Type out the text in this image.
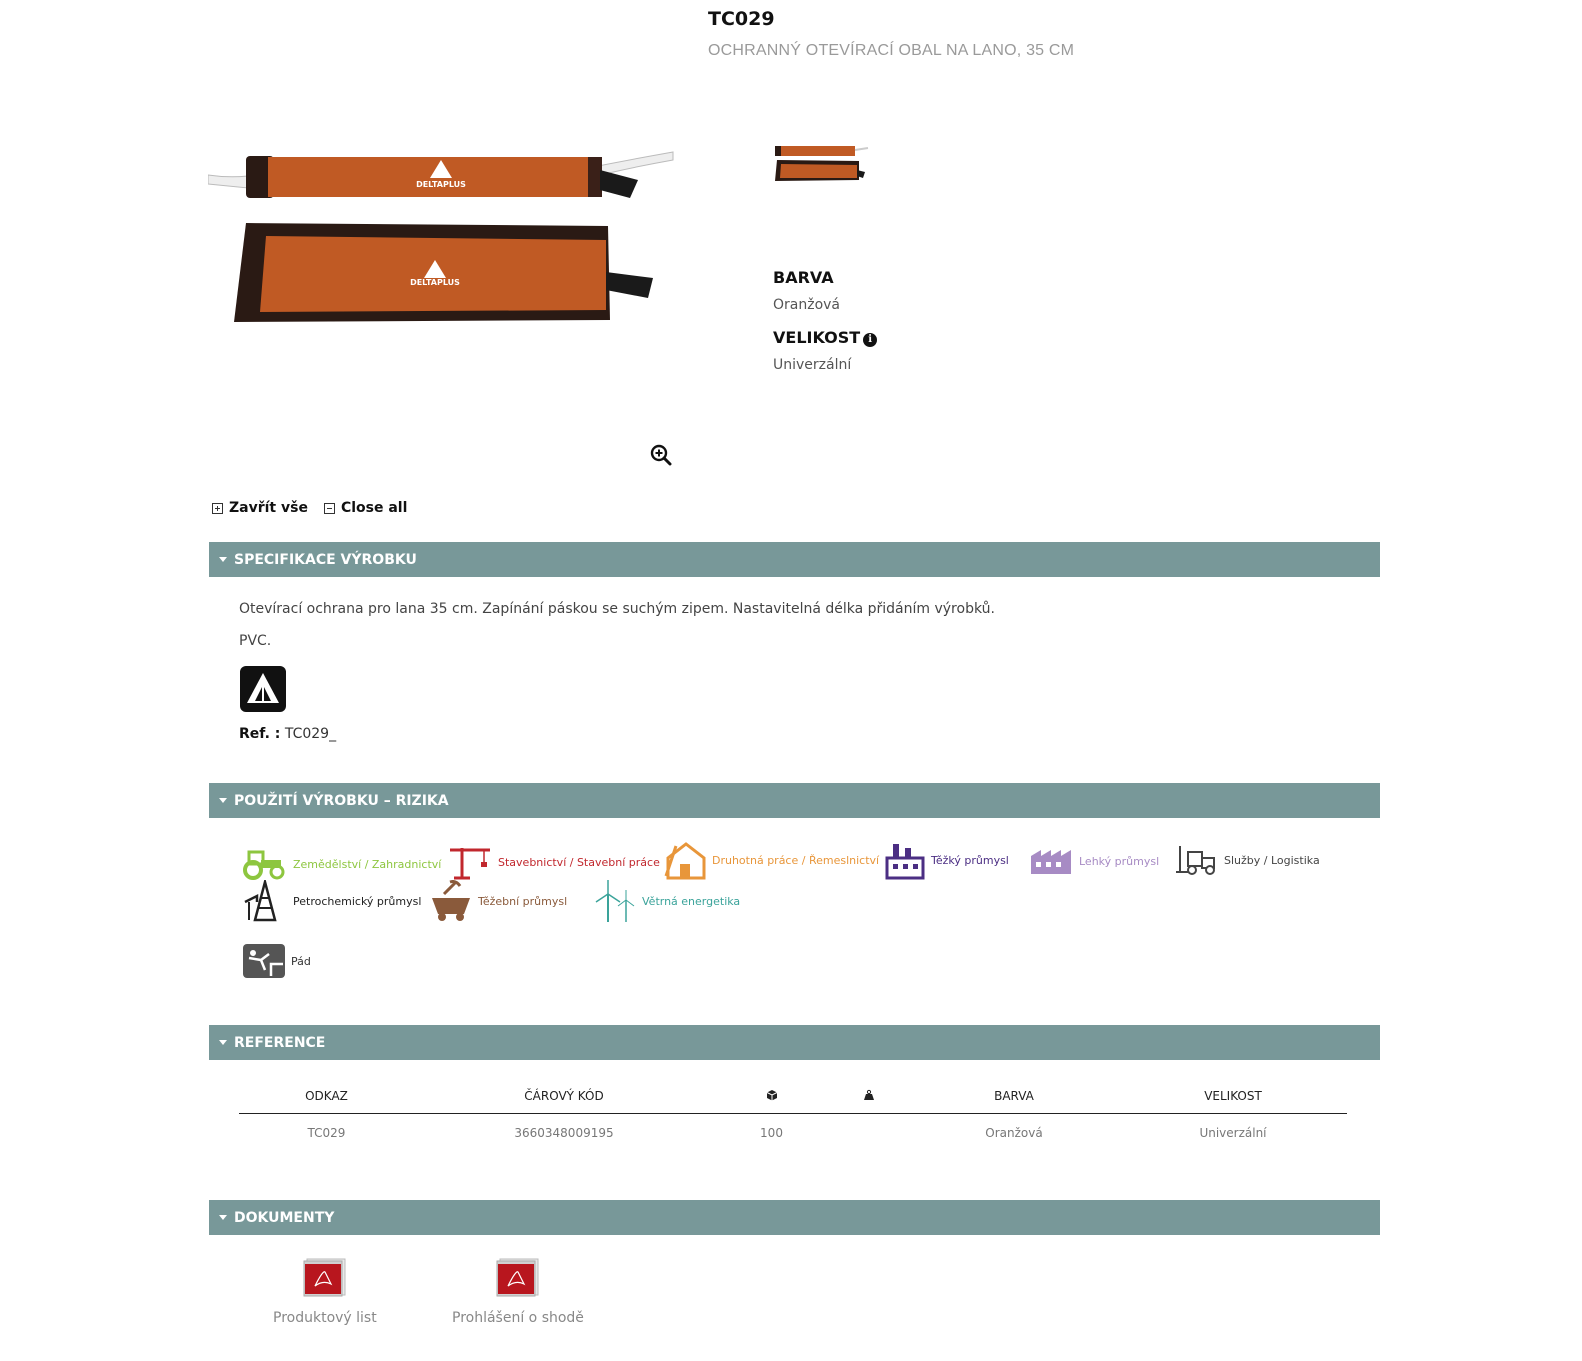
TC029
OCHRANNÝ OTEVÍRACÍ OBAL NA LANO, 35 CM
DELTAPLUS
DELTAPLUS	BARVA
Oranžová
VELIKOST i
Univerzální
Zavřít vše Close all
SPECIFIKACE VÝROBKU
Otevírací ochrana pro lana 35 cm. Zapínání páskou se suchým zipem. Nastavitelná délka přidáním výrobků.
PVC.
Ref. : TC029_
POUŽITÍ VÝROBKU – RIZIKA
Zemědělství / Zahradnictví	Stavebnictví / Stavební práce	Druhotná práce / Řemeslnictví	Těžký průmysl	Lehký průmysl	Služby / Logistika
Petrochemický průmysl	Těžební průmysl	Větrná energetika
Pád
REFERENCE
ODKAZ	ČÁROVÝ KÓD			BARVA	VELIKOST
TC029	3660348009195	100		Oranžová	Univerzální
DOKUMENTY
Produktový list	Prohlášení o shodě
